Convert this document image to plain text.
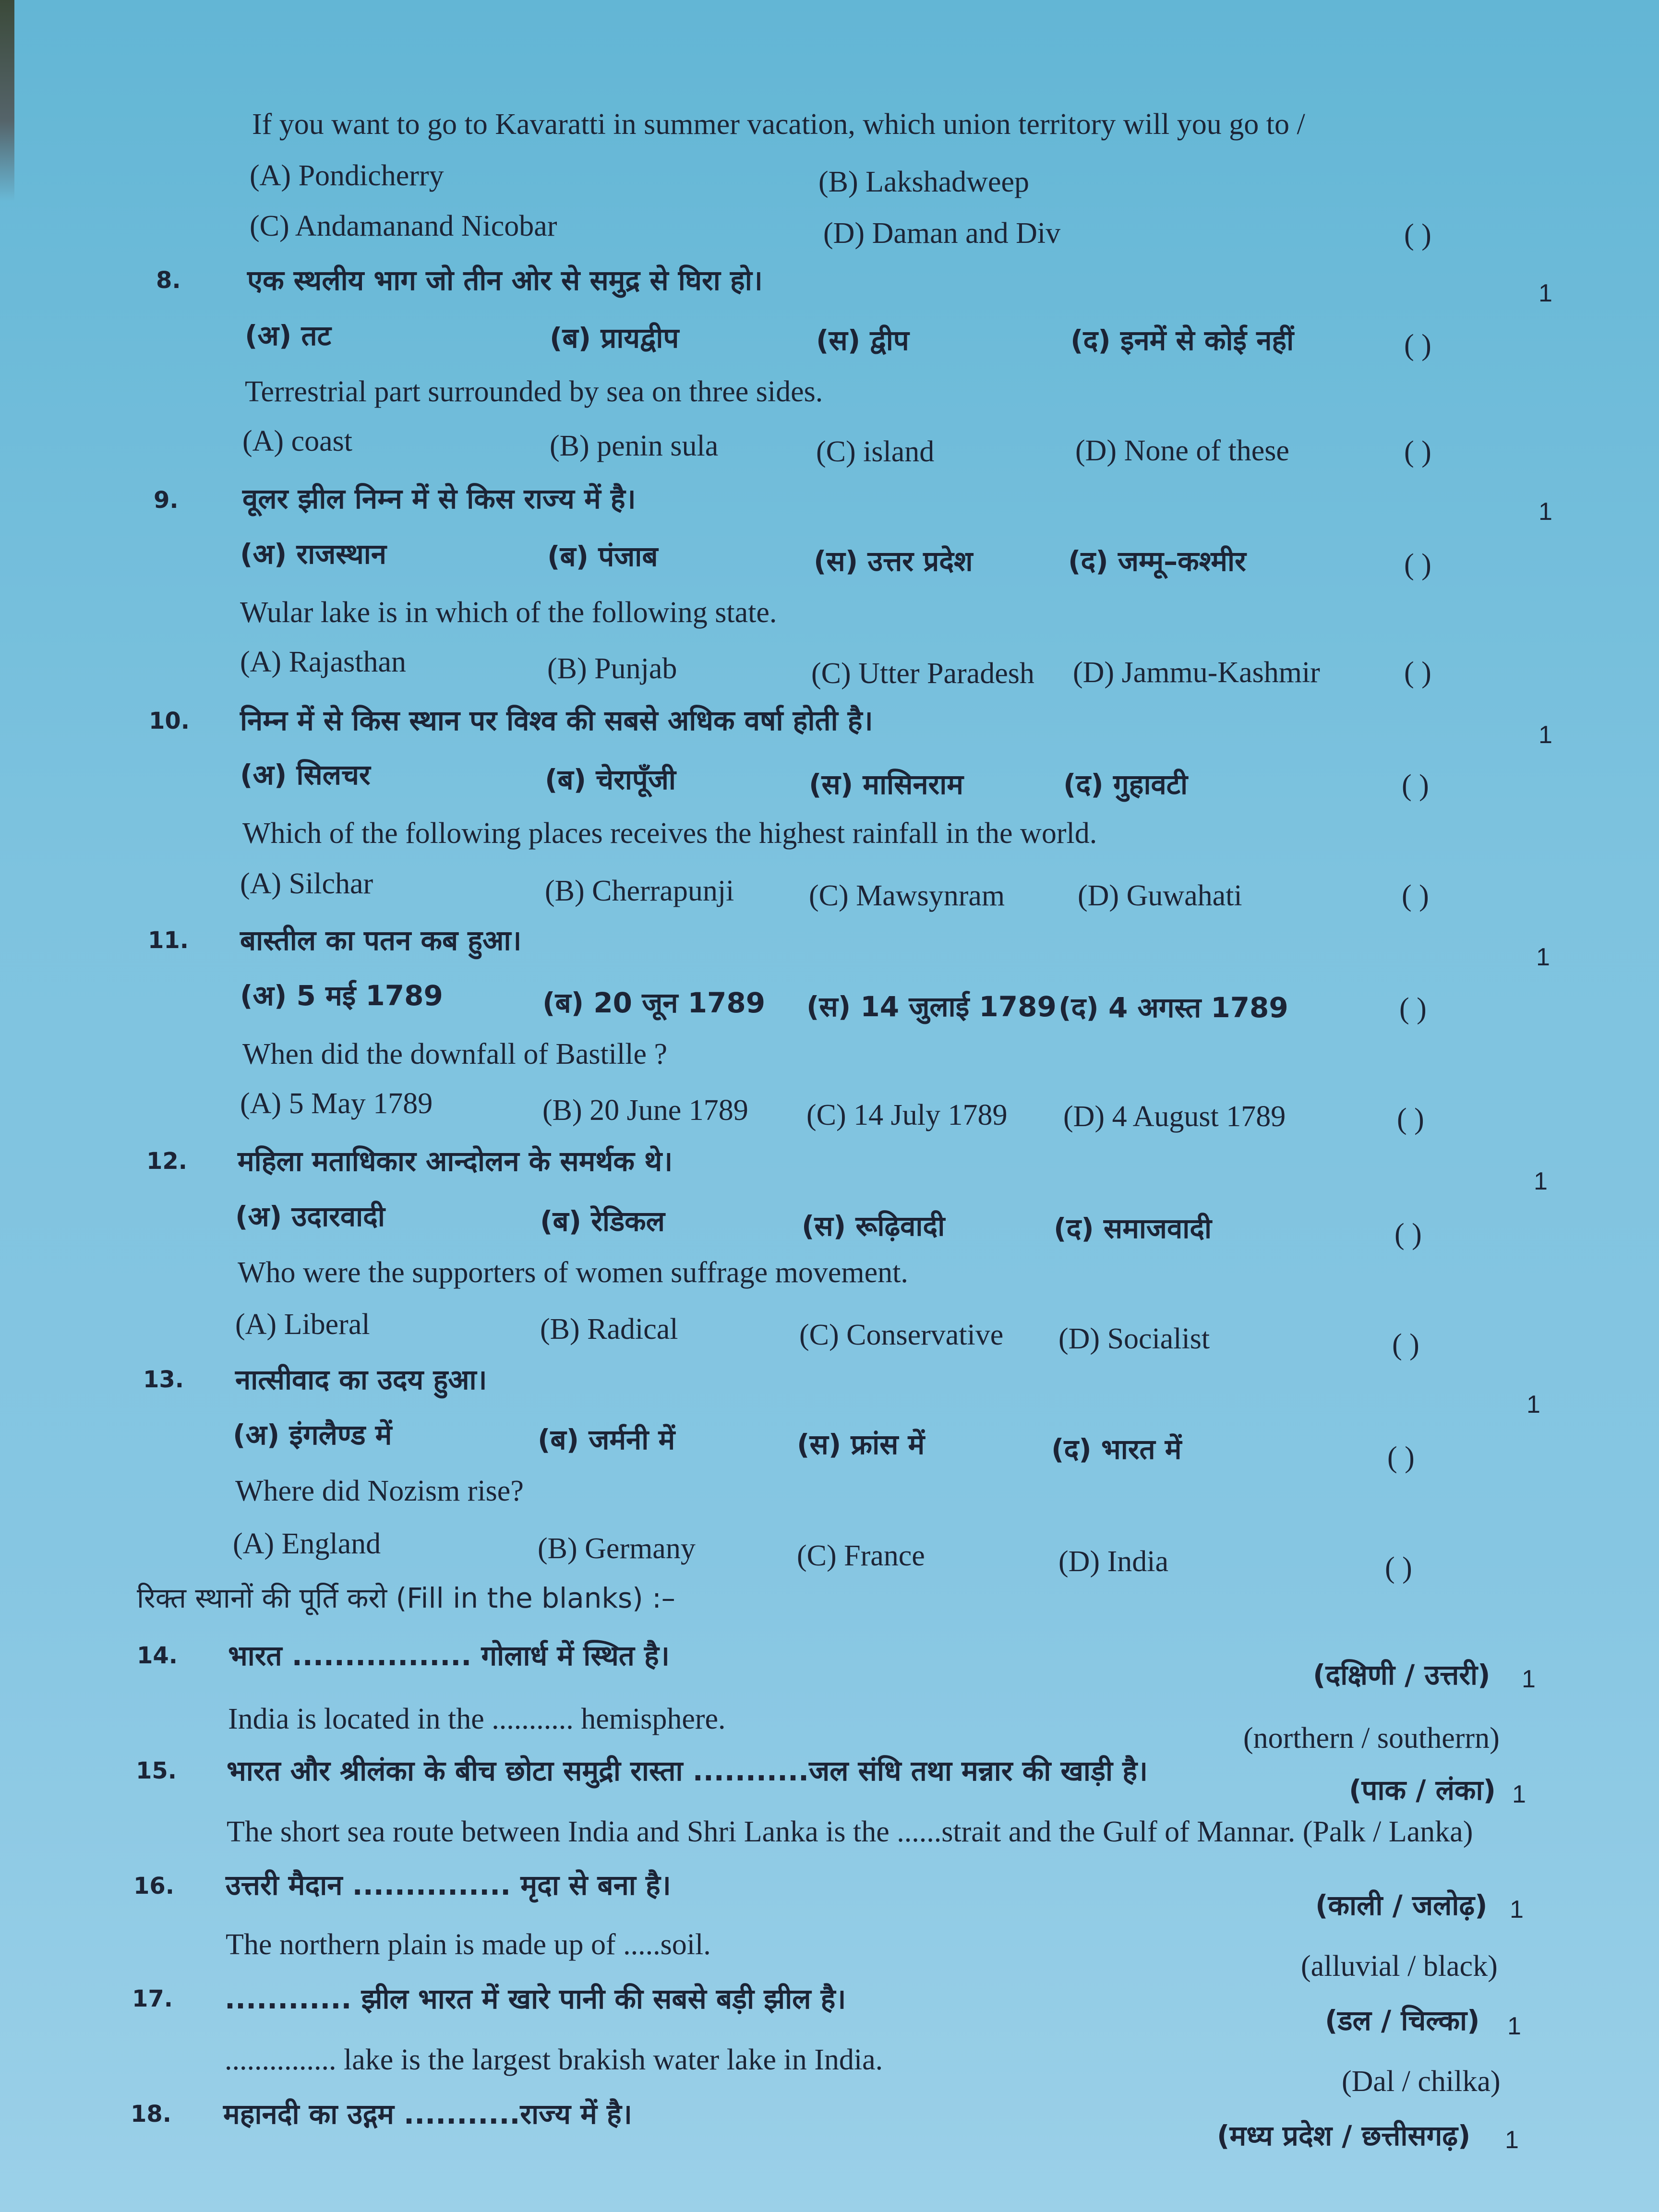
If you want to go to Kavaratti in summer vacation, which union territory will you go to /
(A) Pondicherry	(B) Lakshadweep
(C) Andamanand Nicobar	(D) Daman and Div	( )
8. एक स्थलीय भाग जो तीन ओर से समुद्र से घिरा हो।	1
(अ) तट	(ब) प्रायद्वीप	(स) द्वीप	(द) इनमें से कोई नहीं	( )
Terrestrial part surrounded by sea on three sides.
(A) coast	(B) penin sula	(C) island	(D) None of these	( )
9. वूलर झील निम्न में से किस राज्य में है।	1
(अ) राजस्थान	(ब) पंजाब	(स) उत्तर प्रदेश	(द) जम्मू–कश्मीर	( )
Wular lake is in which of the following state.
(A) Rajasthan	(B) Punjab	(C) Utter Paradesh (D) Jammu-Kashmir	( )
10. निम्न में से किस स्थान पर विश्व की सबसे अधिक वर्षा होती है।	1
(अ) सिलचर	(ब) चेरापूँजी	(स) मासिनराम	(द) गुहावटी	( )
Which of the following places receives the highest rainfall in the world.
(A) Silchar	(B) Cherrapunji	(C) Mawsynram (D) Guwahati	( )
11. बास्तील का पतन कब हुआ।
1
(अ) 5 मई 1789	(ब) 20 जून 1789 (स) 14 जुलाई 1789 (द) 4 अगस्त 1789	( )
When did the downfall of Bastille ?
(A) 5 May 1789	(B) 20 June 1789 (C) 14 July 1789 (D) 4 August 1789	( )
12. महिला मताधिकार आन्दोलन के समर्थक थे।
1
(अ) उदारवादी	(ब) रेडिकल	(स) रूढ़िवादी	(द) समाजवादी	( )
Who were the supporters of women suffrage movement.
(A) Liberal	(B) Radical	(C) Conservative (D) Socialist	( )
13. नात्सीवाद का उदय हुआ।
1
(अ) इंगलैण्ड में	(ब) जर्मनी में	(स) फ्रांस में	(द) भारत में	( )
Where did Nozism rise?
(A) England	(B) Germany	(C) France	(D) India	( )
रिक्त स्थानों की पूर्ति करो (Fill in the blanks) :–
14. भारत ................. गोलार्ध में स्थित है।
(दक्षिणी / उत्तरी) 1
India is located in the ........... hemisphere.
(northern / southerrn)
15. भारत और श्रीलंका के बीच छोटा समुद्री रास्ता ...........जल संधि तथा मन्नार की खाड़ी है।
(पाक / लंका) 1
The short sea route between India and Shri Lanka is the ......strait and the Gulf of Mannar. (Palk / Lanka)
16. उत्तरी मैदान ............... मृदा से बना है।
(काली / जलोढ़) 1
The northern plain is made up of .....soil.
(alluvial / black)
17. ............ झील भारत में खारे पानी की सबसे बड़ी झील है।
(डल / चिल्का) 1
............... lake is the largest brakish water lake in India.
(Dal / chilka)
18. महानदी का उद्गम ...........राज्य में है।
(मध्य प्रदेश / छत्तीसगढ़) 1
